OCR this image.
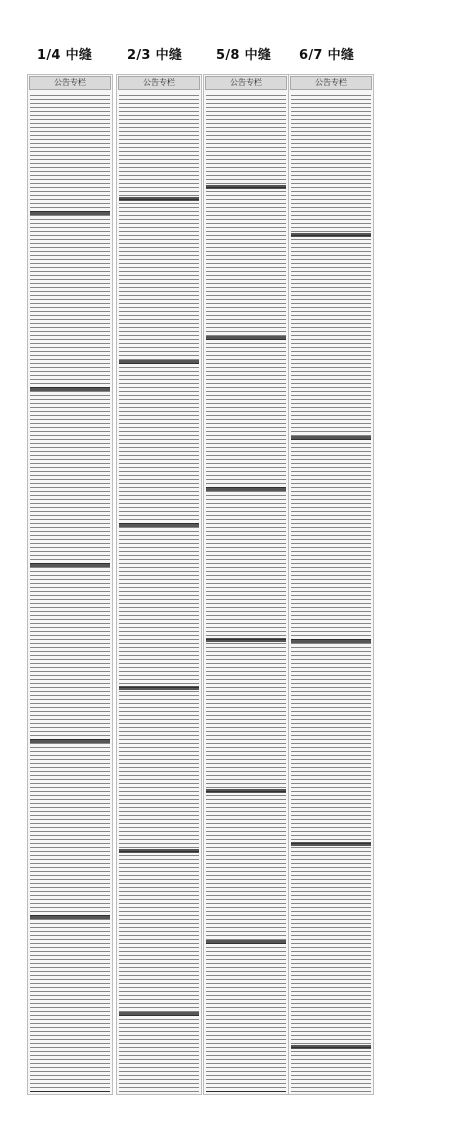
1/4 中缝	2/3 中缝	5/8 中缝 6/7 中缝
公告专栏	公告专栏	公告专栏	公告专栏
